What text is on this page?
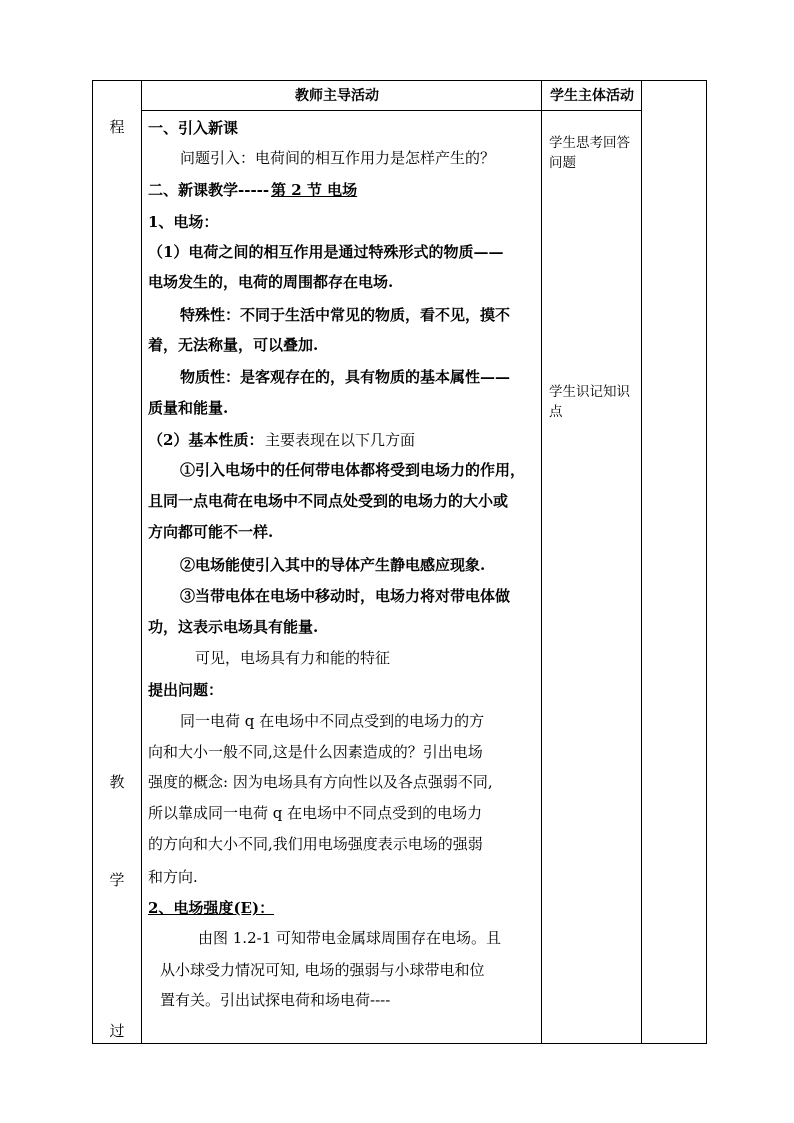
程
教
学
过
教师主导活动	学生主体活动
学生思考回答问题
学生识记知识点
一、引入新课
问题引入：电荷间的相互作用力是怎样产生的？
二、新课教学----- 第 2 节 电场
1、电场：
（1）电荷之间的相互作用是通过特殊形式的物质——
电场发生的，电荷的周围都存在电场.
特殊性：不同于生活中常见的物质，看不见，摸不
着，无法称量，可以叠加.
物质性：是客观存在的，具有物质的基本属性——
质量和能量.
（2）基本性质： 主要表现在以下几方面
①引入电场中的任何带电体都将受到电场力的作用，
且同一点电荷在电场中不同点处受到的电场力的大小或
方向都可能不一样.
②电场能使引入其中的导体产生静电感应现象.
③当带电体在电场中移动时，电场力将对带电体做
功，这表示电场具有能量.
可见，电场具有力和能的特征
提出问题：
同一电荷 q 在电场中不同点受到的电场力的方
向和大小一般不同,这是什么因素造成的？引出电场
强度的概念: 因为电场具有方向性以及各点强弱不同,
所以靠成同一电荷 q 在电场中不同点受到的电场力
的方向和大小不同,我们用电场强度表示电场的强弱
和方向.
2、电场强度(E)：
由图 1.2-1 可知带电金属球周围存在电场。且
从小球受力情况可知, 电场的强弱与小球带电和位
置有关。引出试探电荷和场电荷----
